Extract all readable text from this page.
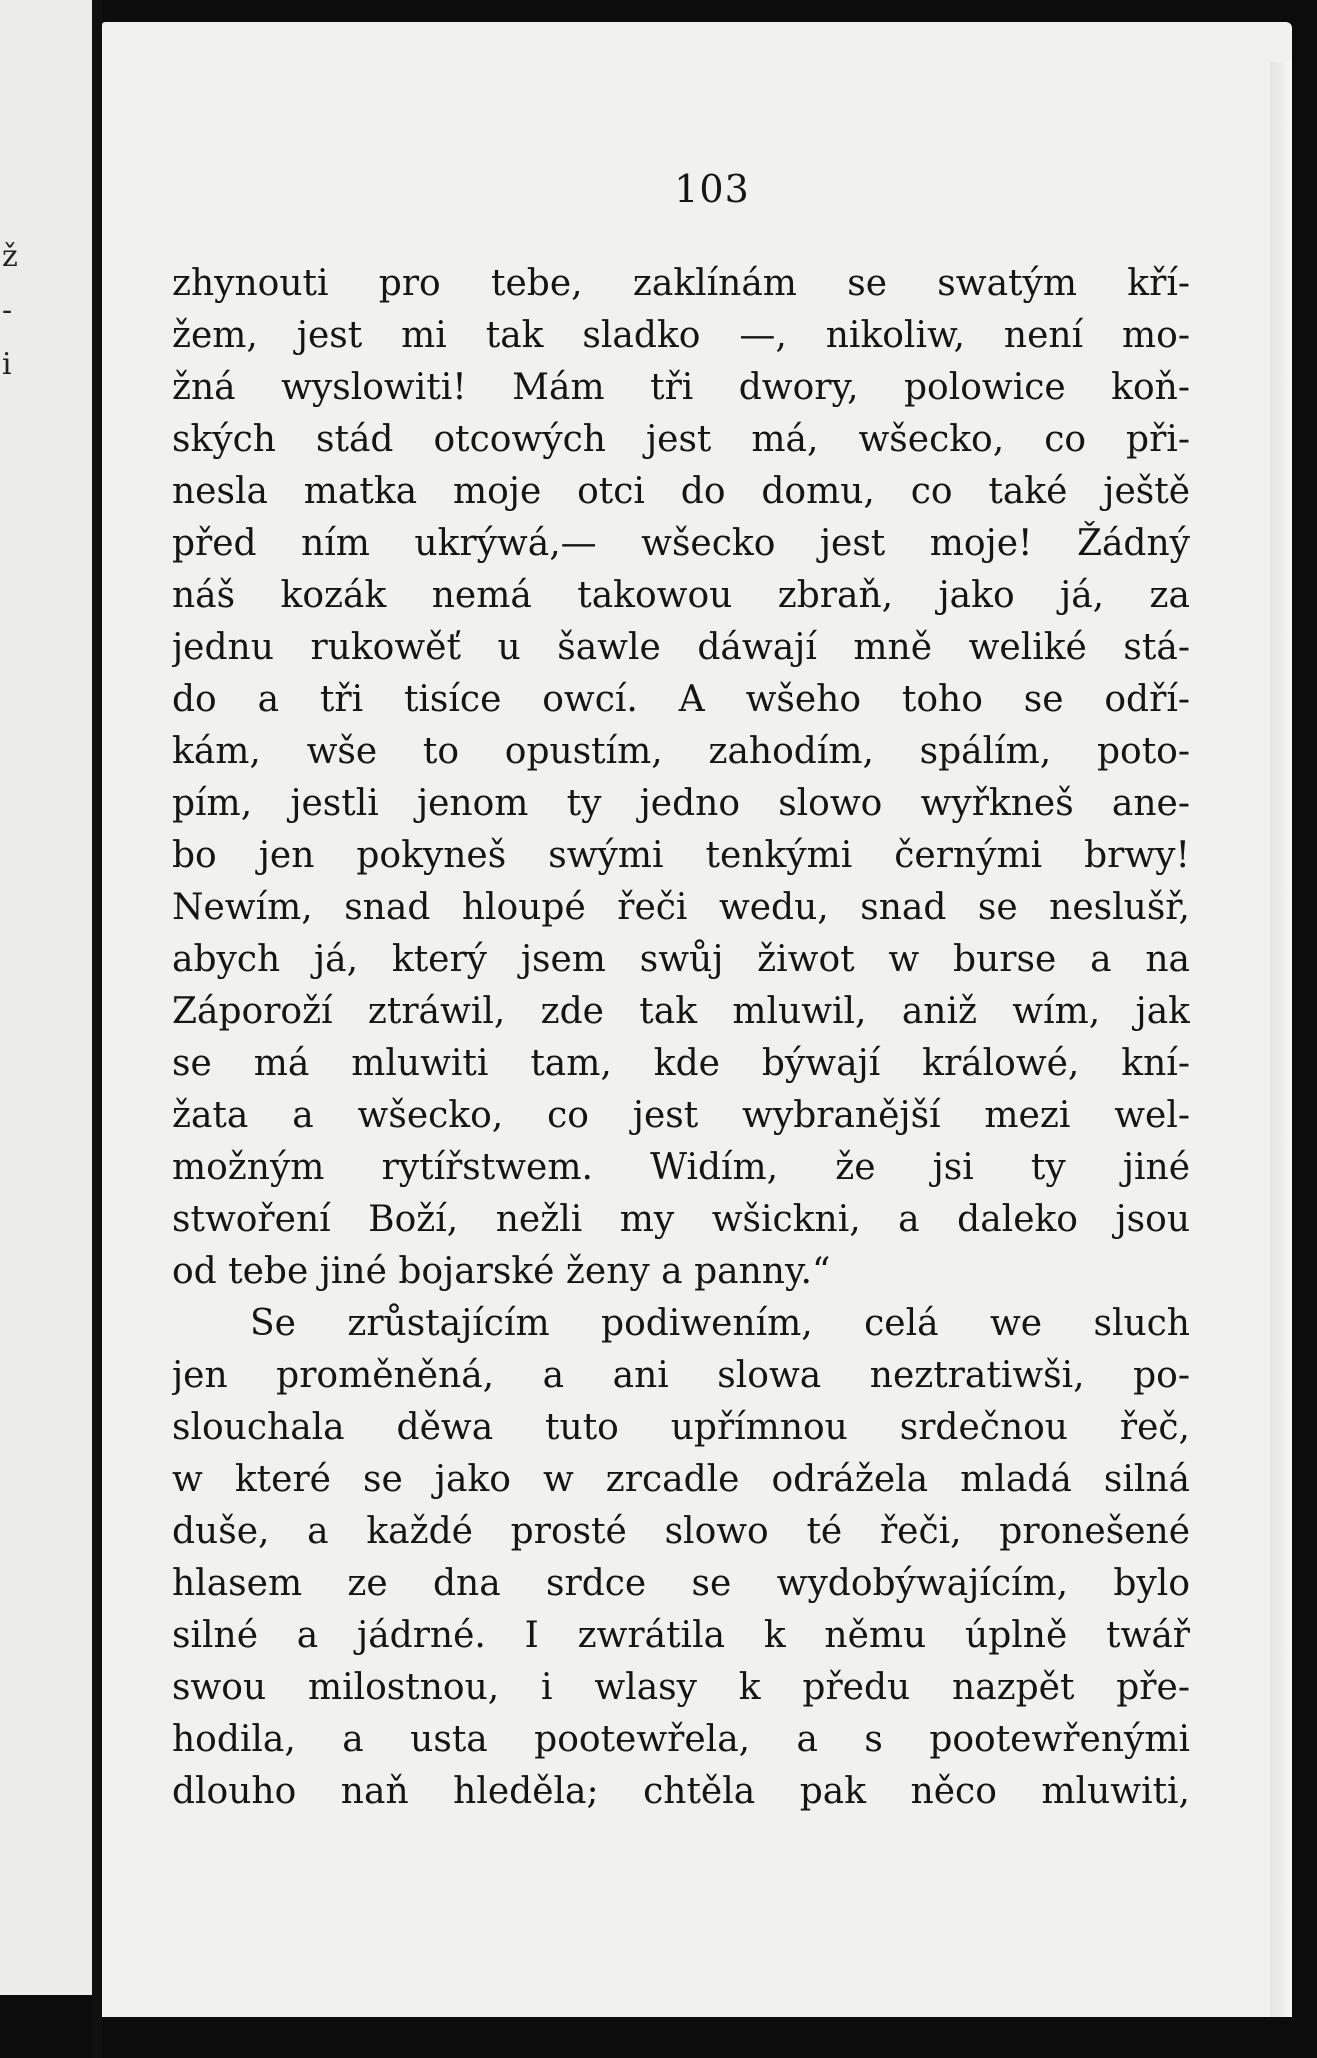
ž
-
i
103
zhynouti pro tebe, zaklínám se swatým kří-
žem, jest mi tak sladko —, nikoliw, není mo-
žná wyslowiti! Mám tři dwory, polowice koň-
ských stád otcowých jest má, wšecko, co při-
nesla matka moje otci do domu, co také ještě
před ním ukrýwá,— wšecko jest moje! Žádný
náš kozák nemá takowou zbraň, jako já, za
jednu rukowěť u šawle dáwají mně weliké stá-
do a tři tisíce owcí. A wšeho toho se odří-
kám, wše to opustím, zahodím, spálím, poto-
pím, jestli jenom ty jedno slowo wyřkneš ane-
bo jen pokyneš swými tenkými černými brwy!
Newím, snad hloupé řeči wedu, snad se neslušř,
abych já, který jsem swůj žiwot w burse a na
Záporoží ztráwil, zde tak mluwil, aniž wím, jak
se má mluwiti tam, kde býwají králowé, kní-
žata a wšecko, co jest wybranější mezi wel-
možným rytířstwem. Widím, že jsi ty jiné
stwoření Boží, nežli my wšickni, a daleko jsou
od tebe jiné bojarské ženy a panny.“
Se zrůstajícím podiwením, celá we sluch
jen proměněná, a ani slowa neztratiwši, po-
slouchala děwa tuto upřímnou srdečnou řeč,
w které se jako w zrcadle odrážela mladá silná
duše, a každé prosté slowo té řeči, pronešené
hlasem ze dna srdce se wydobýwajícím, bylo
silné a jádrné. I zwrátila k němu úplně twář
swou milostnou, i wlasy k předu nazpět pře-
hodila, a usta pootewřela, a s pootewřenými
dlouho naň hleděla; chtěla pak něco mluwiti,
